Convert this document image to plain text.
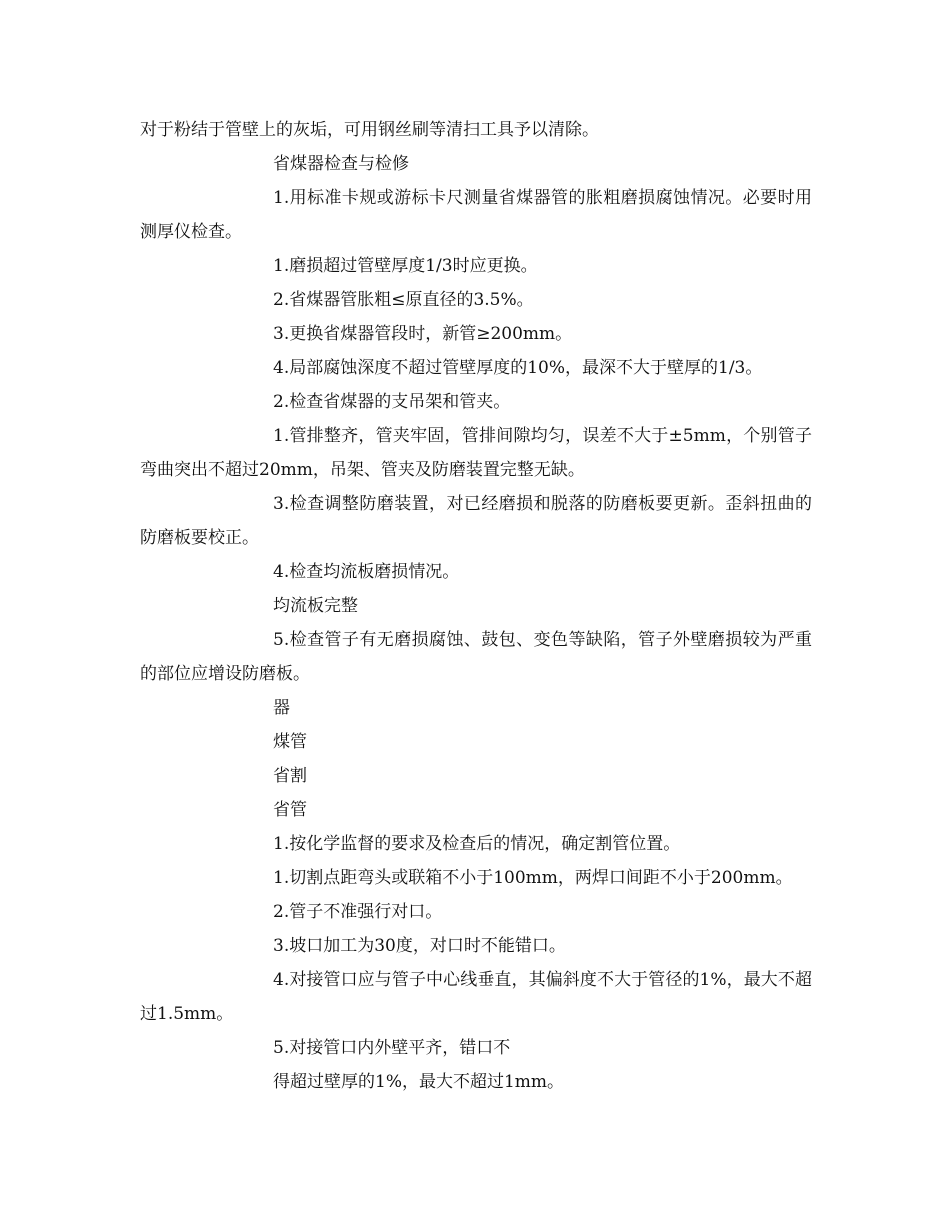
对于粉结于管壁上的灰垢，可用钢丝刷等清扫工具予以清除。

省煤器检查与检修

1.用标准卡规或游标卡尺测量省煤器管的胀粗磨损腐蚀情况。必要时用测厚仪检查。

1.磨损超过管壁厚度1/3时应更换。

2.省煤器管胀粗≤原直径的3.5%。

3.更换省煤器管段时，新管≥200mm。

4.局部腐蚀深度不超过管壁厚度的10%，最深不大于壁厚的1/3。

2.检查省煤器的支吊架和管夹。

1.管排整齐，管夹牢固，管排间隙均匀，误差不大于±5mm，个别管子弯曲突出不超过20mm，吊架、管夹及防磨装置完整无缺。

3.检查调整防磨装置，对已经磨损和脱落的防磨板要更新。歪斜扭曲的防磨板要校正。

4.检查均流板磨损情况。

均流板完整

5.检查管子有无磨损腐蚀、鼓包、变色等缺陷，管子外壁磨损较为严重的部位应增设防磨板。

器

煤管

省割

省管

1.按化学监督的要求及检查后的情况，确定割管位置。

1.切割点距弯头或联箱不小于100mm，两焊口间距不小于200mm。

2.管子不准强行对口。

3.坡口加工为30度，对口时不能错口。

4.对接管口应与管子中心线垂直，其偏斜度不大于管径的1%，最大不超过1.5mm。

5.对接管口内外壁平齐，错口不

得超过壁厚的1%，最大不超过1mm。
